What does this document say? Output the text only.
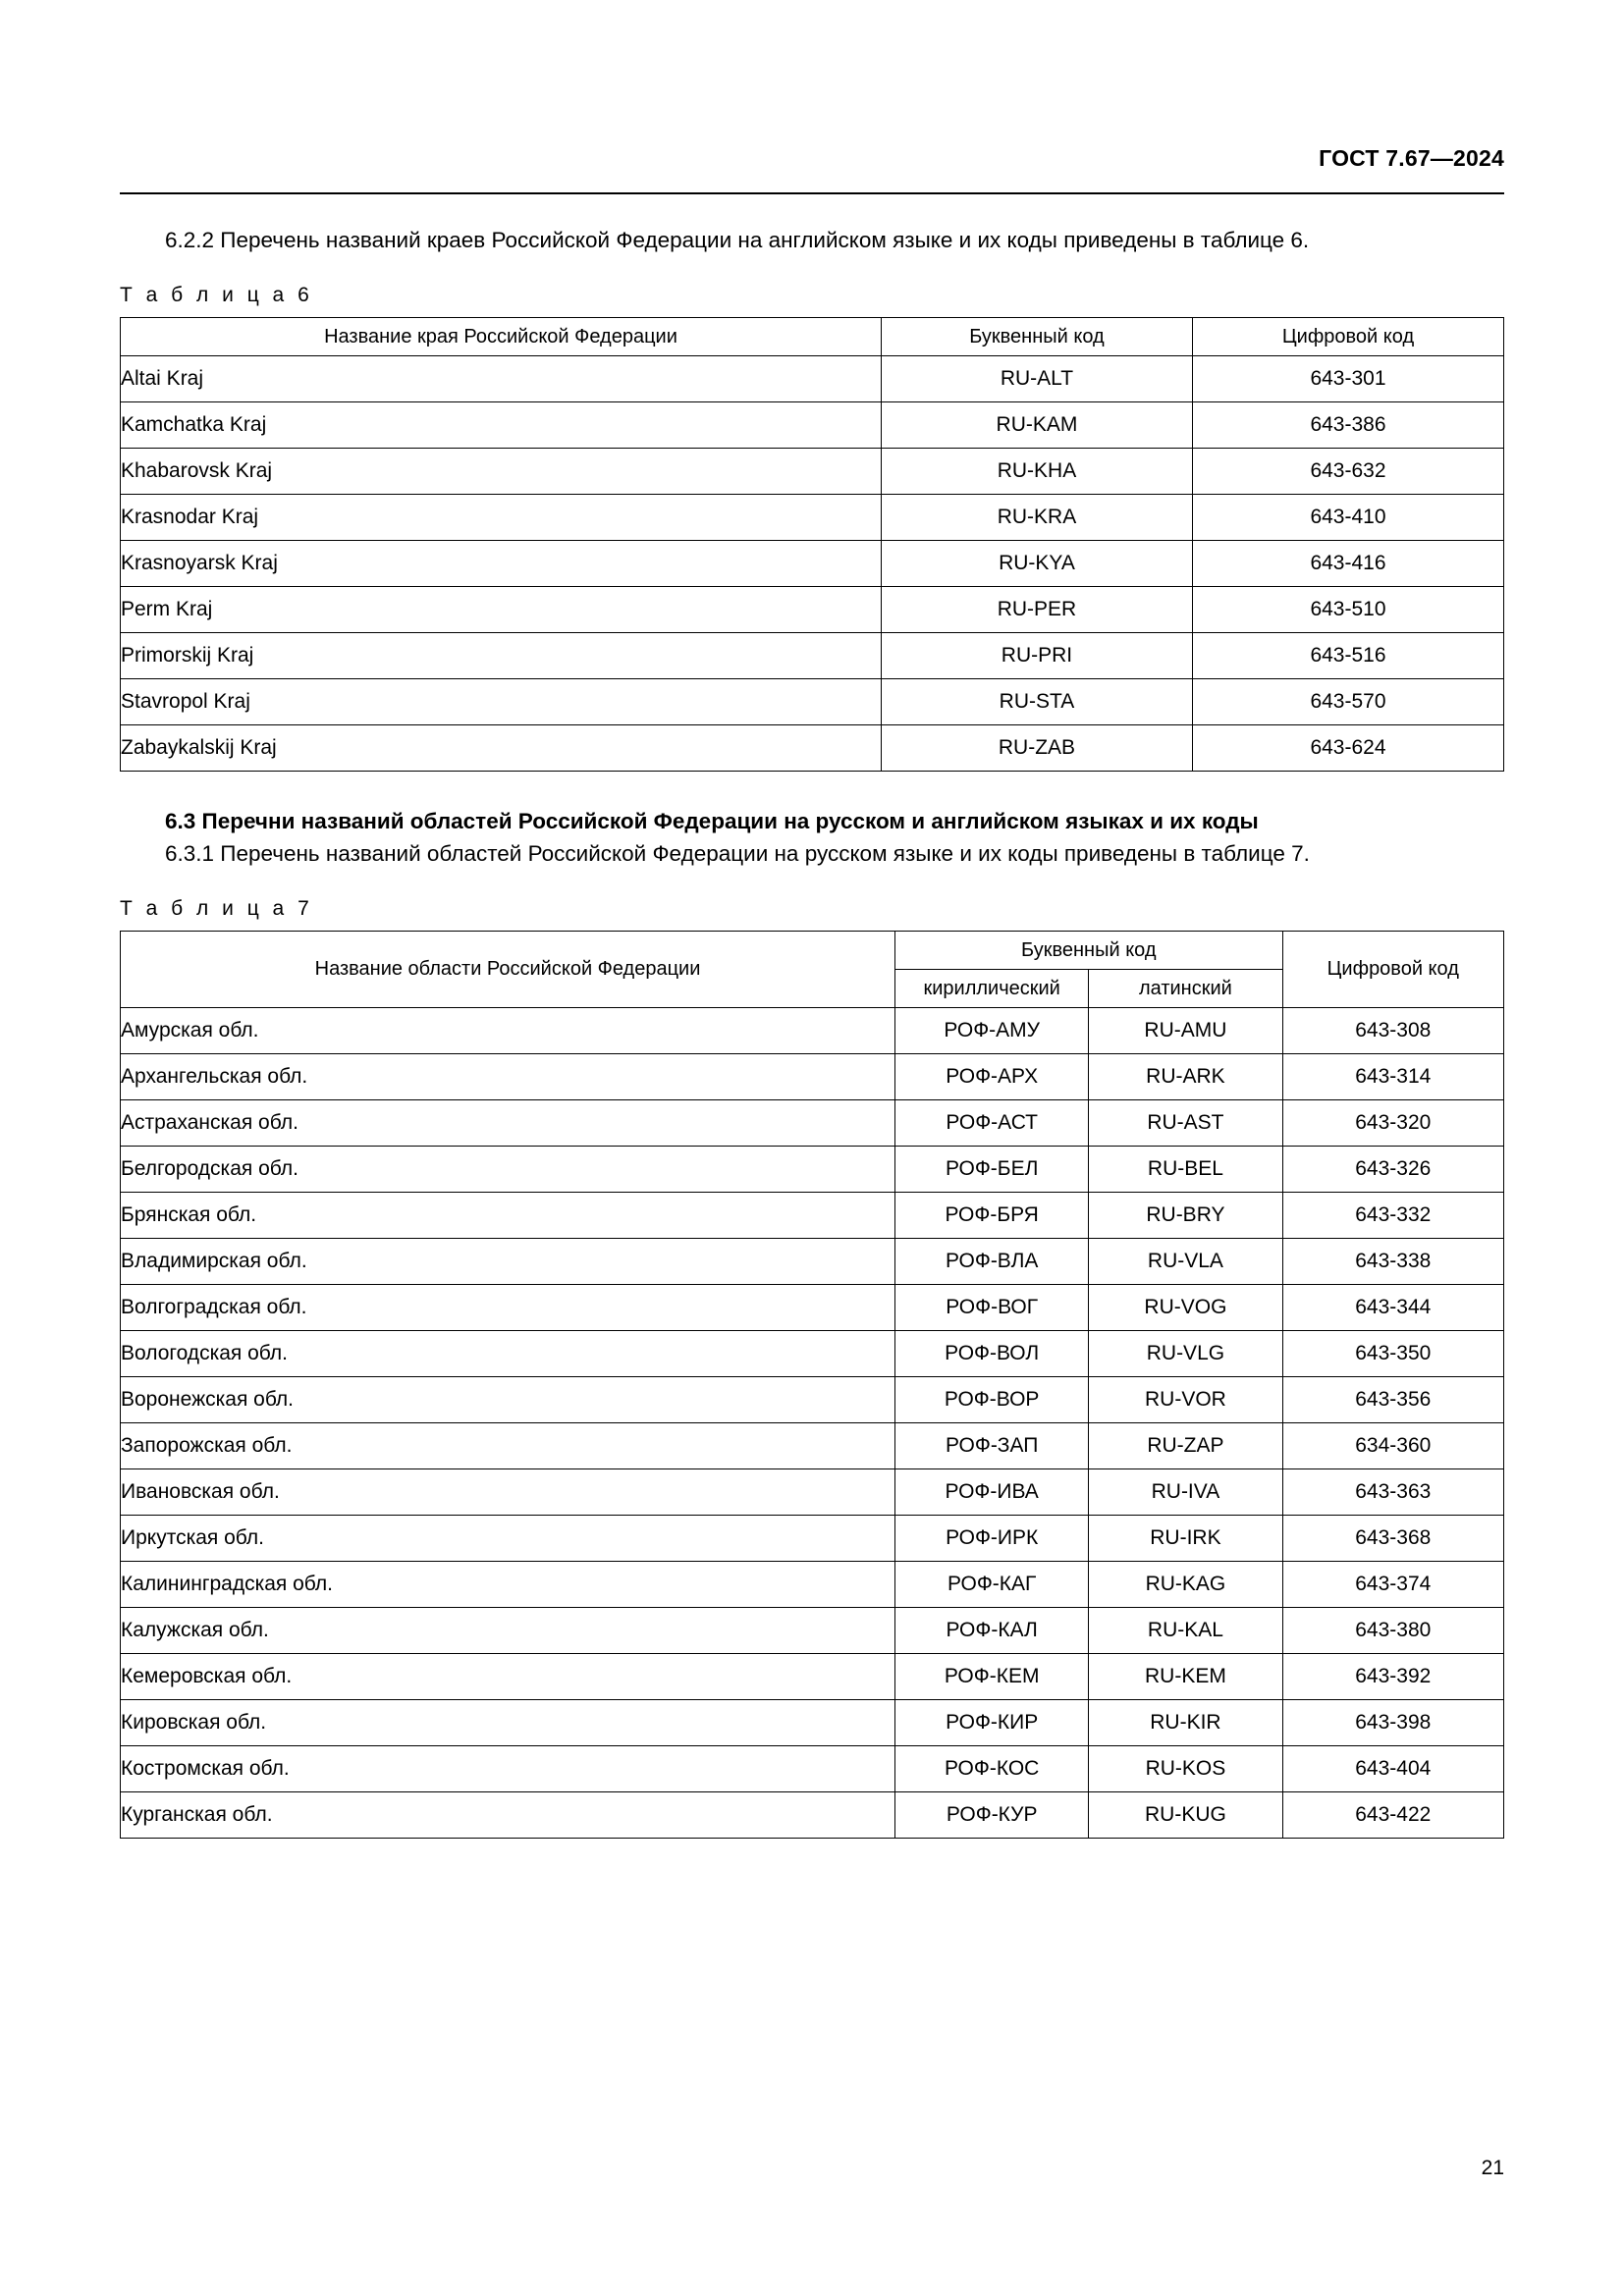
ГОСТ 7.67—2024

6.2.2 Перечень названий краев Российской Федерации на английском языке и их коды приведены в таблице 6.

Т а б л и ц а 6
Название края Российской Федерации	Буквенный код	Цифровой код
Altai Kraj	RU-ALT	643-301
Kamchatka Kraj	RU-KAM	643-386
Khabarovsk Kraj	RU-KHA	643-632
Krasnodar Kraj	RU-KRA	643-410
Krasnoyarsk Kraj	RU-KYA	643-416
Perm Kraj	RU-PER	643-510
Primorskij Kraj	RU-PRI	643-516
Stavropol Kraj	RU-STA	643-570
Zabaykalskij Kraj	RU-ZAB	643-624
6.3 Перечни названий областей Российской Федерации на русском и английском языках и их коды

6.3.1 Перечень названий областей Российской Федерации на русском языке и их коды приведены в таблице 7.

Т а б л и ц а 7
Название области Российской Федерации	Буквенный код		Цифровой код
	кириллический	латинский	
Амурская обл.	РОФ-АМУ	RU-AMU	643-308
Архангельская обл.	РОФ-АРХ	RU-ARK	643-314
Астраханская обл.	РОФ-АСТ	RU-AST	643-320
Белгородская обл.	РОФ-БЕЛ	RU-BEL	643-326
Брянская обл.	РОФ-БРЯ	RU-BRY	643-332
Владимирская обл.	РОФ-ВЛА	RU-VLA	643-338
Волгоградская обл.	РОФ-ВОГ	RU-VOG	643-344
Вологодская обл.	РОФ-ВОЛ	RU-VLG	643-350
Воронежская обл.	РОФ-ВОР	RU-VOR	643-356
Запорожская обл.	РОФ-ЗАП	RU-ZAP	634-360
Ивановская обл.	РОФ-ИВА	RU-IVA	643-363
Иркутская обл.	РОФ-ИРК	RU-IRK	643-368
Калининградская обл.	РОФ-КАГ	RU-KAG	643-374
Калужская обл.	РОФ-КАЛ	RU-KAL	643-380
Кемеровская обл.	РОФ-КЕМ	RU-KEM	643-392
Кировская обл.	РОФ-КИР	RU-KIR	643-398
Костромская обл.	РОФ-КОС	RU-KOS	643-404
Курганская обл.	РОФ-КУР	RU-KUG	643-422
21
